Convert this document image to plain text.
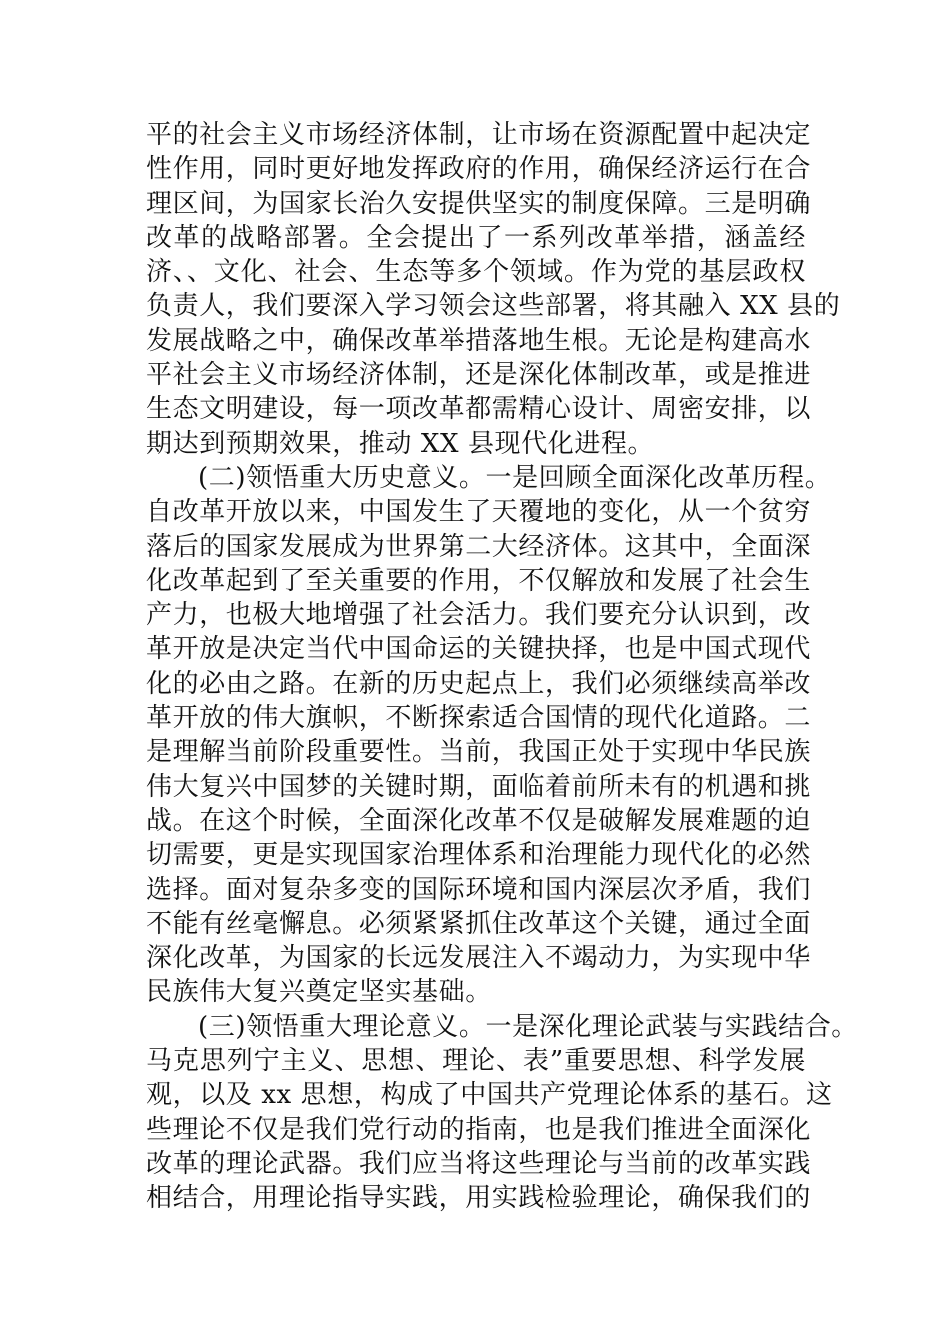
平的社会主义市场经济体制，让市场在资源配置中起决定
性作用，同时更好地发挥政府的作用，确保经济运行在合
理区间，为国家长治久安提供坚实的制度保障。三是明确
改革的战略部署。全会提出了一系列改革举措，涵盖经
济、、文化、社会、生态等多个领域。作为党的基层政权
负责人，我们要深入学习领会这些部署，将其融入 XX 县的
发展战略之中，确保改革举措落地生根。无论是构建高水
平社会主义市场经济体制，还是深化体制改革，或是推进
生态文明建设，每一项改革都需精心设计、周密安排，以
期达到预期效果，推动 XX 县现代化进程。
(二)领悟重大历史意义。一是回顾全面深化改革历程。
自改革开放以来，中国发生了天覆地的变化，从一个贫穷
落后的国家发展成为世界第二大经济体。这其中，全面深
化改革起到了至关重要的作用，不仅解放和发展了社会生
产力，也极大地增强了社会活力。我们要充分认识到，改
革开放是决定当代中国命运的关键抉择，也是中国式现代
化的必由之路。在新的历史起点上，我们必须继续高举改
革开放的伟大旗帜，不断探索适合国情的现代化道路。二
是理解当前阶段重要性。当前，我国正处于实现中华民族
伟大复兴中国梦的关键时期，面临着前所未有的机遇和挑
战。在这个时候，全面深化改革不仅是破解发展难题的迫
切需要，更是实现国家治理体系和治理能力现代化的必然
选择。面对复杂多变的国际环境和国内深层次矛盾，我们
不能有丝毫懈息。必须紧紧抓住改革这个关键，通过全面
深化改革，为国家的长远发展注入不竭动力，为实现中华
民族伟大复兴奠定坚实基础。
(三)领悟重大理论意义。一是深化理论武装与实践结合。
马克思列宁主义、思想、理论、表”重要思想、科学发展
观，以及 xx 思想，构成了中国共产党理论体系的基石。这
些理论不仅是我们党行动的指南，也是我们推进全面深化
改革的理论武器。我们应当将这些理论与当前的改革实践
相结合，用理论指导实践，用实践检验理论，确保我们的
